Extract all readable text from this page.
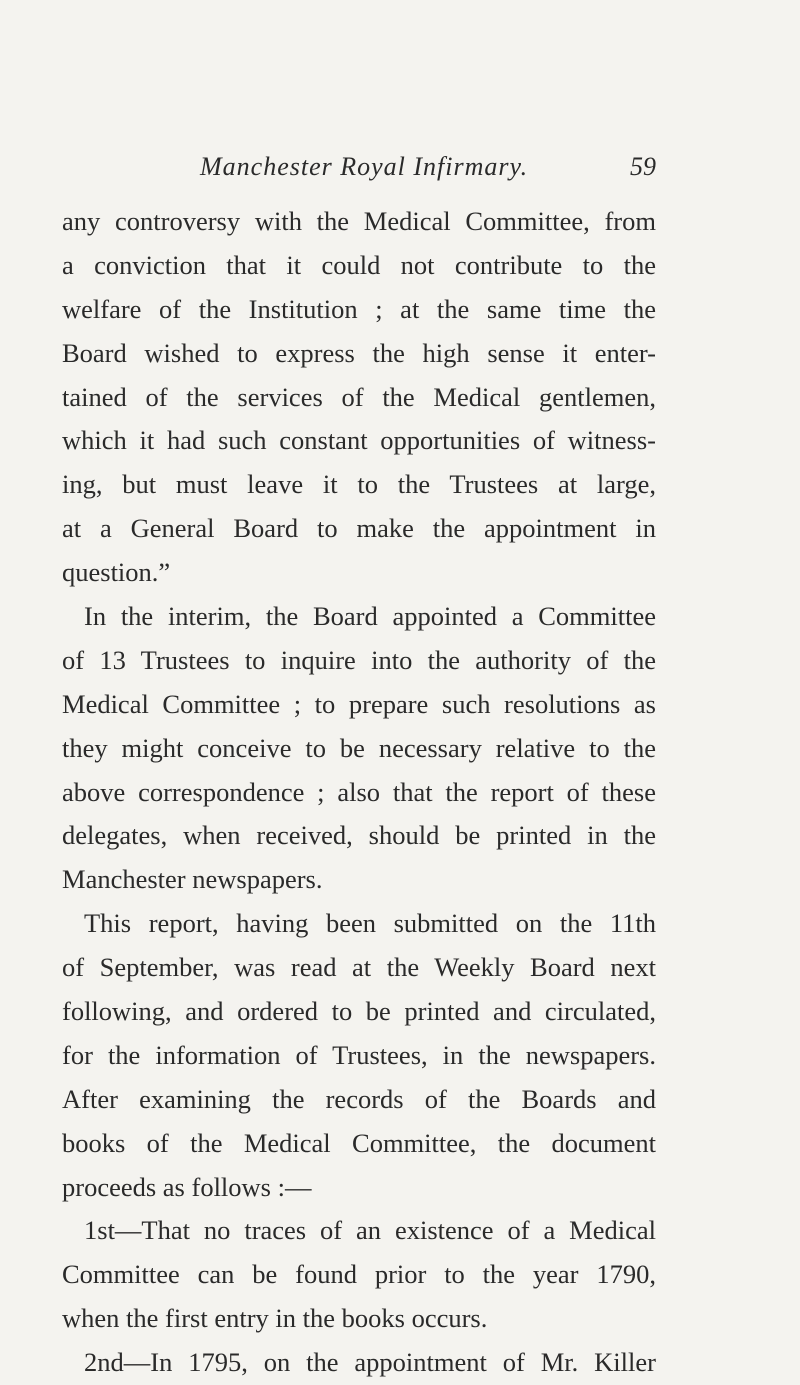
Manchester Royal Infirmary.	59
any controversy with the Medical Committee, from
a conviction that it could not contribute to the
welfare of the Institution ; at the same time the
Board wished to express the high sense it enter-
tained of the services of the Medical gentlemen,
which it had such constant opportunities of witness-
ing, but must leave it to the Trustees at large,
at a General Board to make the appointment in
question.”
In the interim, the Board appointed a Committee
of 13 Trustees to inquire into the authority of the
Medical Committee ; to prepare such resolutions as
they might conceive to be necessary relative to the
above correspondence ; also that the report of these
delegates, when received, should be printed in the
Manchester newspapers.
This report, having been submitted on the 11th
of September, was read at the Weekly Board next
following, and ordered to be printed and circulated,
for the information of Trustees, in the newspapers.
After examining the records of the Boards and
books of the Medical Committee, the document
proceeds as follows :—
1st—That no traces of an existence of a Medical
Committee can be found prior to the year 1790,
when the first entry in the books occurs.
2nd—In 1795, on the appointment of Mr. Killer
